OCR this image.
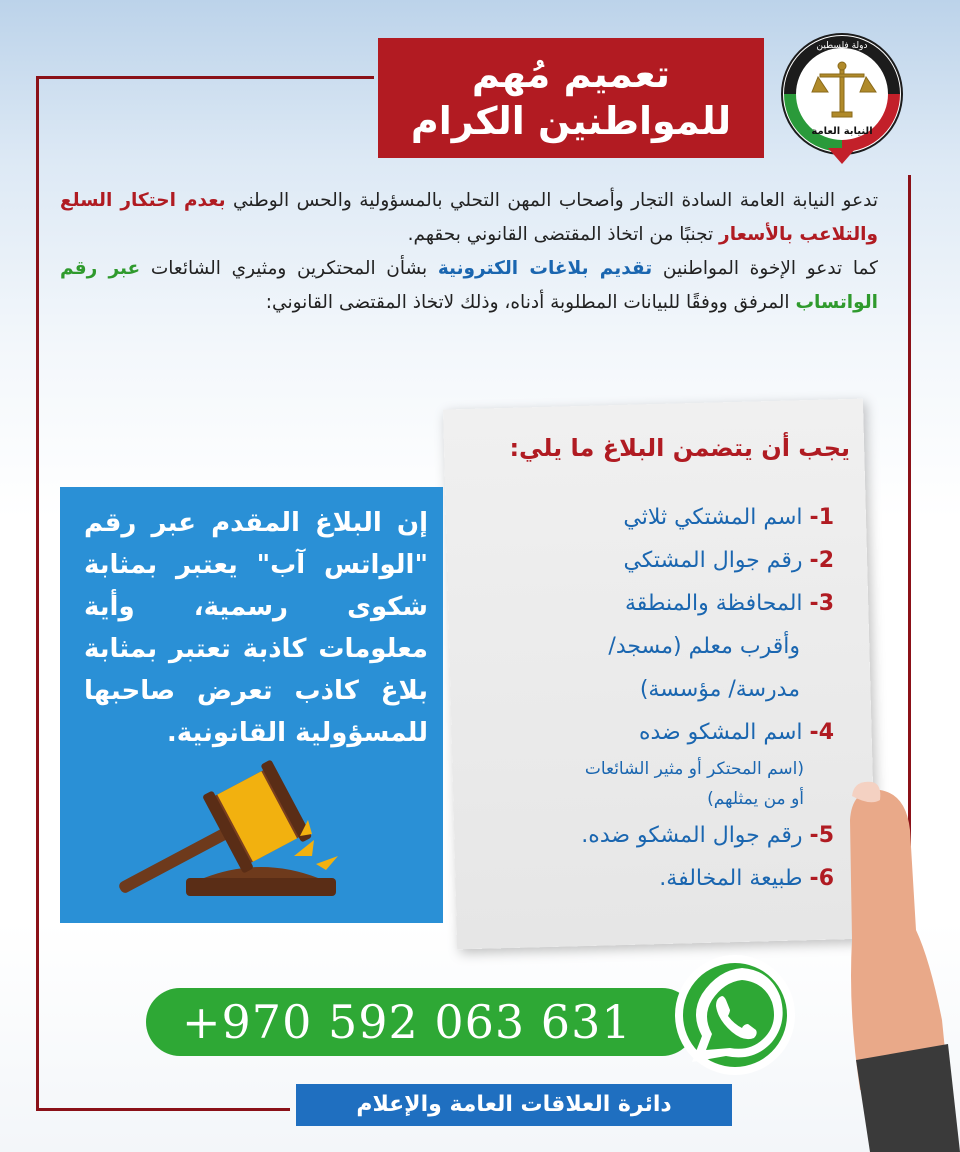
تعميم مُهم
للمواطنين الكرام
دولة فلسطين
النيابة العامة
تدعو النيابة العامة السادة التجار وأصحاب المهن التحلي بالمسؤولية والحس الوطني بعدم احتكار السلع والتلاعب بالأسعار تجنبًا من اتخاذ المقتضى القانوني بحقهم.
كما تدعو الإخوة المواطنين تقديم بلاغات الكترونية بشأن المحتكرين ومثيري الشائعات عبر رقم الواتساب المرفق ووفقًا للبيانات المطلوبة أدناه، وذلك لاتخاذ المقتضى القانوني:
يجب أن يتضمن البلاغ ما يلي:
1- اسم المشتكي ثلاثي
2- رقم جوال المشتكي
3- المحافظة والمنطقة
وأقرب معلم (مسجد/
مدرسة/ مؤسسة)
4- اسم المشكو ضده
(اسم المحتكر أو مثير الشائعات
أو من يمثلهم)
5- رقم جوال المشكو ضده.
6- طبيعة المخالفة.
إن البلاغ المقدم عبر رقم "الواتس آب" يعتبر بمثابة شكوى رسمية، وأية معلومات كاذبة تعتبر بمثابة بلاغ كاذب تعرض صاحبها للمسؤولية القانونية.
+970 592 063 631
دائرة العلاقات العامة والإعلام
